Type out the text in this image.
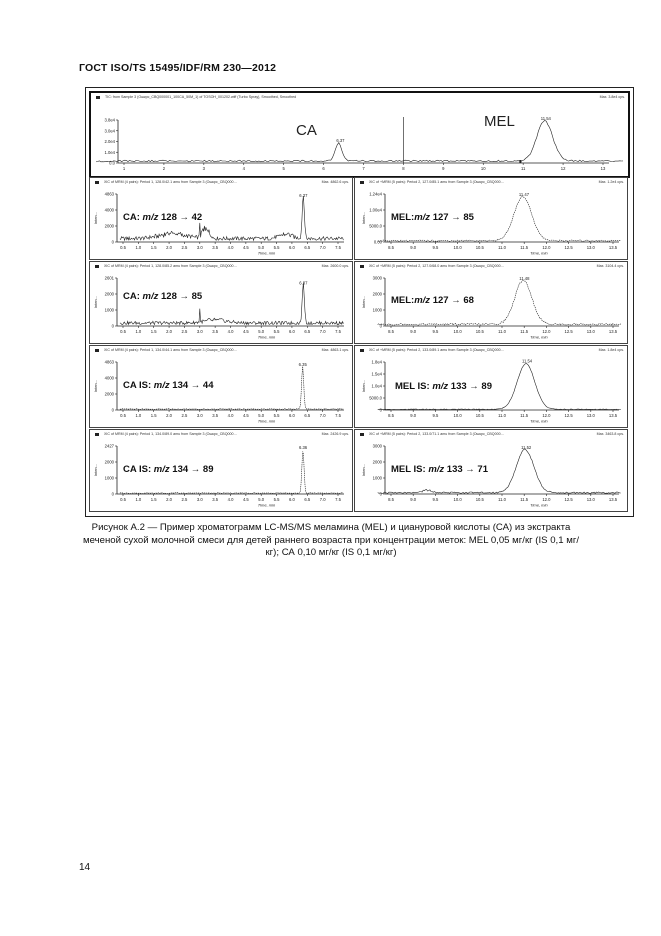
ГОСТ ISO/TS 15495/IDF/RM 230—2012
TIC: from Sample 3 (Ошкрс_CBQ000001_100CA_50M_1) of TOSOH_001202.wiff (Turbo Spray), Smoothed, Smoothed	Max. 3.8e4 cps.
3.8e4
3.0e4
2.0e4
1.0e4
0.0
1	2	3	4	5	6	7	8	9	10	11	12	13
6.37
11.54
CA
MEL
XIC of MRM (4 pairs): Period 1, 128.0/42.1 amu from Sample 3 (Ошкрс_CBQ000…	Max. 4862.6 cps.
4863
4000
2000
0
0.5 1.0 1.5 2.0 2.5 3.0 3.5 4.0 4.5 5.0 5.5 6.0 6.5 7.0 7.5
Time, min
Inten...
6.37
CA: m/z 128 → 42
XIC of +MRM (5 pairs): Period 2, 127.0/85.1 amu from Sample 3 (Ошкрс_CBQ000…	Max. 1.2e4 cps.
1.24e4
1.00e4
5000.0
0.00
8.5	9.0	9.5	10.0	10.5	11.0	11.5	12.0	12.5	13.0	13.5
Time, min
Inten...
11.47
MEL:m/z 127 → 85
XIC of MRM (4 pairs): Period 1, 128.0/85.2 amu from Sample 3 (Ошкрс_CBQ000…	Max. 2600.0 cps.
2601
2000
1000
0
0.5 1.0 1.5 2.0 2.5 3.0 3.5 4.0 4.5 5.0 5.5 6.0 6.5 7.0 7.5
Time, min
Inten...
6.37
CA: m/z 128 → 85
XIC of +MRM (5 pairs): Period 2, 127.0/68.0 amu from Sample 3 (Ошкрс_CBQ000…	Max. 3104.4 cps.
3000
2000
1000
0
8.5	9.0	9.5	10.0	10.5	11.0	11.5	12.0	12.5	13.0	13.5
Time, min
Inten...
11.48
MEL:m/z 127 → 68
XIC of MRM (4 pairs): Period 1, 134.0/44.1 amu from Sample 3 (Ошкрс_CBQ000…	Max. 4863.1 cps.
4863
4000
2000
0
0.5 1.0 1.5 2.0 2.5 3.0 3.5 4.0 4.5 5.0 5.5 6.0 6.5 7.0 7.5
Time, min
Inten...
6.35
CA IS: m/z 134 → 44
XIC of +MRM (5 pairs): Period 2, 133.0/89.1 amu from Sample 3 (Ошкрс_CBQ000…	Max. 1.8e4 cps.
1.8e4
1.5e4
1.0e4
5000.0
0
8.5	9.0	9.5	10.0	10.5	11.0	11.5	12.0	12.5	13.0	13.5
Time, min
Inten...
11.54
MEL IS: m/z 133 → 89
XIC of MRM (4 pairs): Period 1, 134.0/89.0 amu from Sample 3 (Ошкрс_CBQ000…	Max. 2426.9 cps.
2427
2000
1000
0
0.5 1.0 1.5 2.0 2.5 3.0 3.5 4.0 4.5 5.0 5.5 6.0 6.5 7.0 7.5
Time, min
Inten...
6.36
CA IS: m/z 134 → 89
XIC of +MRM (5 pairs): Period 2, 133.0/71.1 amu from Sample 3 (Ошкрс_CBQ000…	Max. 3463.8 cps.
3000
2000
1000
0
8.5	9.0	9.5	10.0	10.5	11.0	11.5	12.0	12.5	13.0	13.5
Time, min
Inten...
11.52
MEL IS: m/z 133 → 71
Рисунок А.2 — Пример хроматограмм LC-MS/MS меламина (MEL) и циануровой кислоты (СА) из экстракта меченой сухой молочной смеси для детей раннего возраста при концентрации меток: MEL 0,05 мг/кг (IS 0,1 мг/кг); СА 0,10 мг/кг (IS 0,1 мг/кг)
14
